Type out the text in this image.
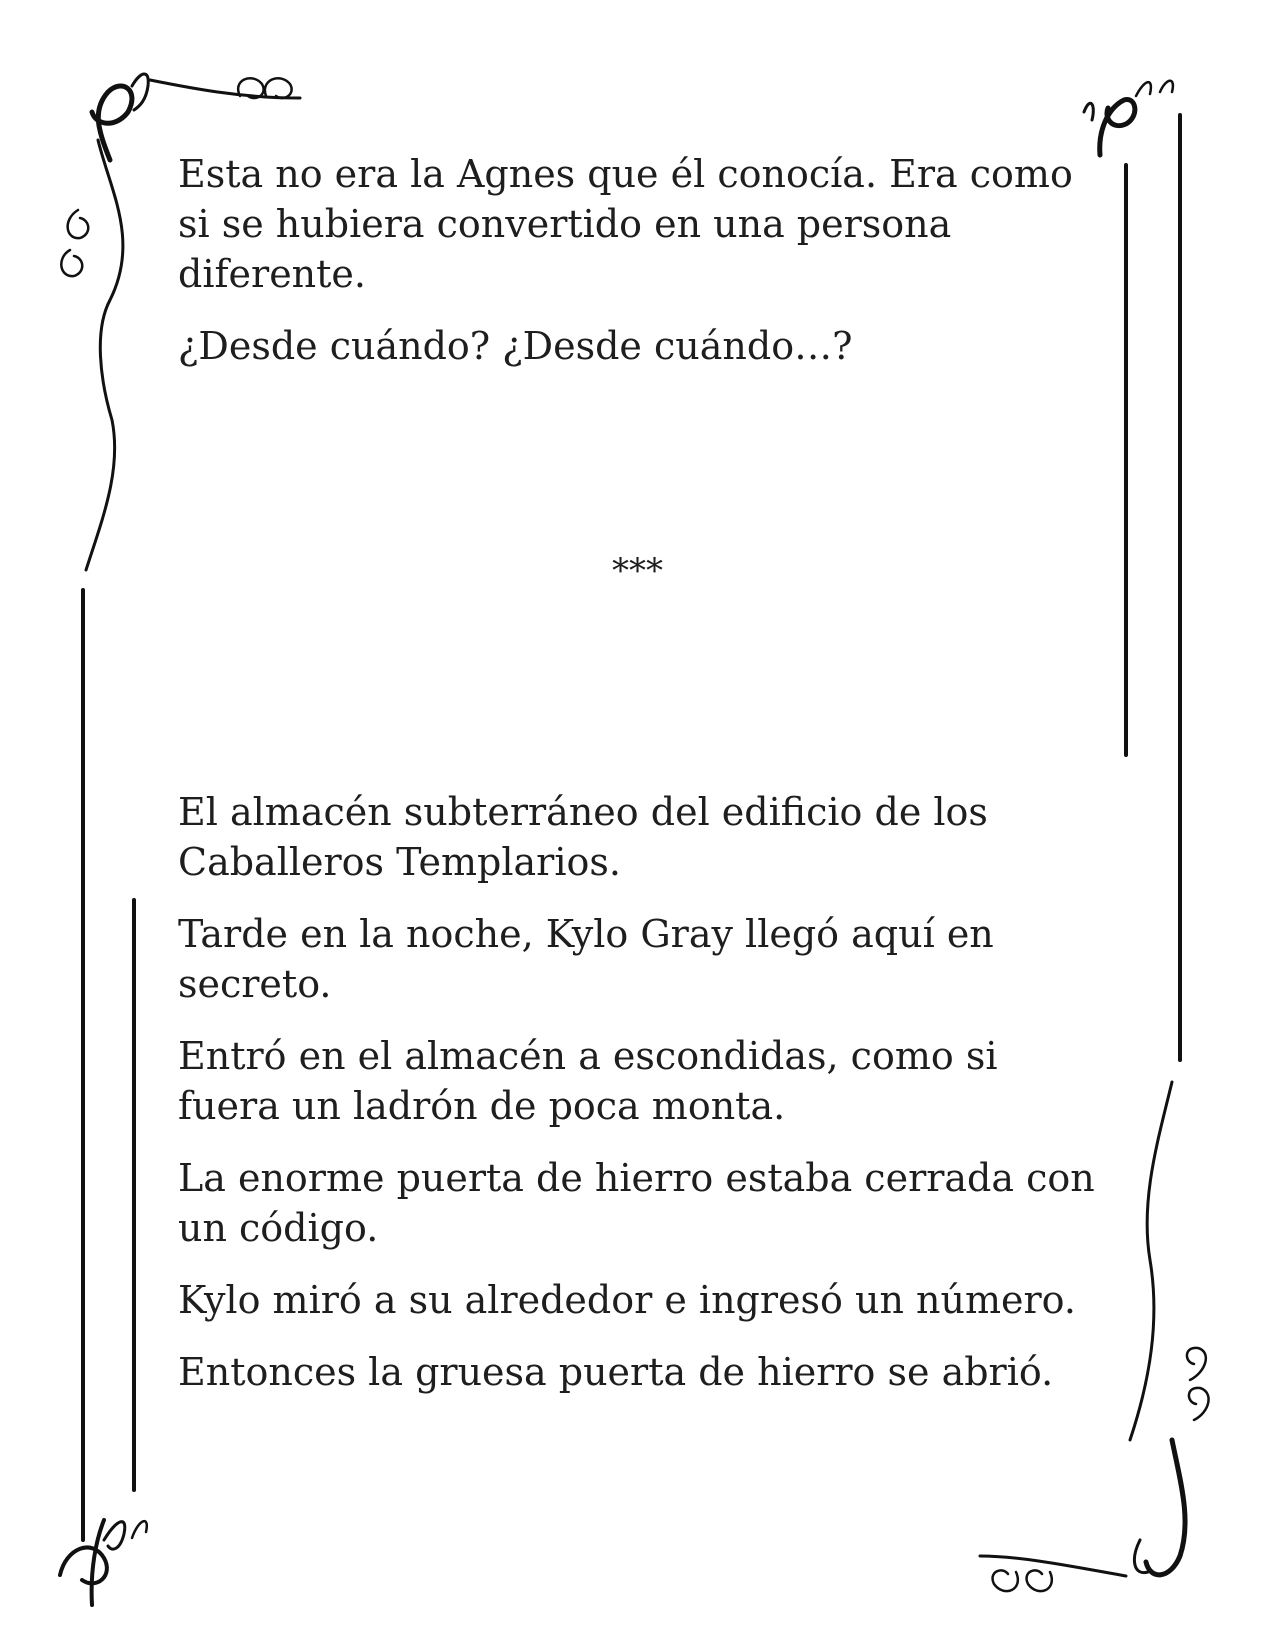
Esta no era la Agnes que él conocía. Era como si se hubiera convertido en una persona diferente.

¿Desde cuándo? ¿Desde cuándo…?

***

El almacén subterráneo del edificio de los Caballeros Templarios.

Tarde en la noche, Kylo Gray llegó aquí en secreto.

Entró en el almacén a escondidas, como si fuera un ladrón de poca monta.

La enorme puerta de hierro estaba cerrada con un código.

Kylo miró a su alrededor e ingresó un número.

Entonces la gruesa puerta de hierro se abrió.
